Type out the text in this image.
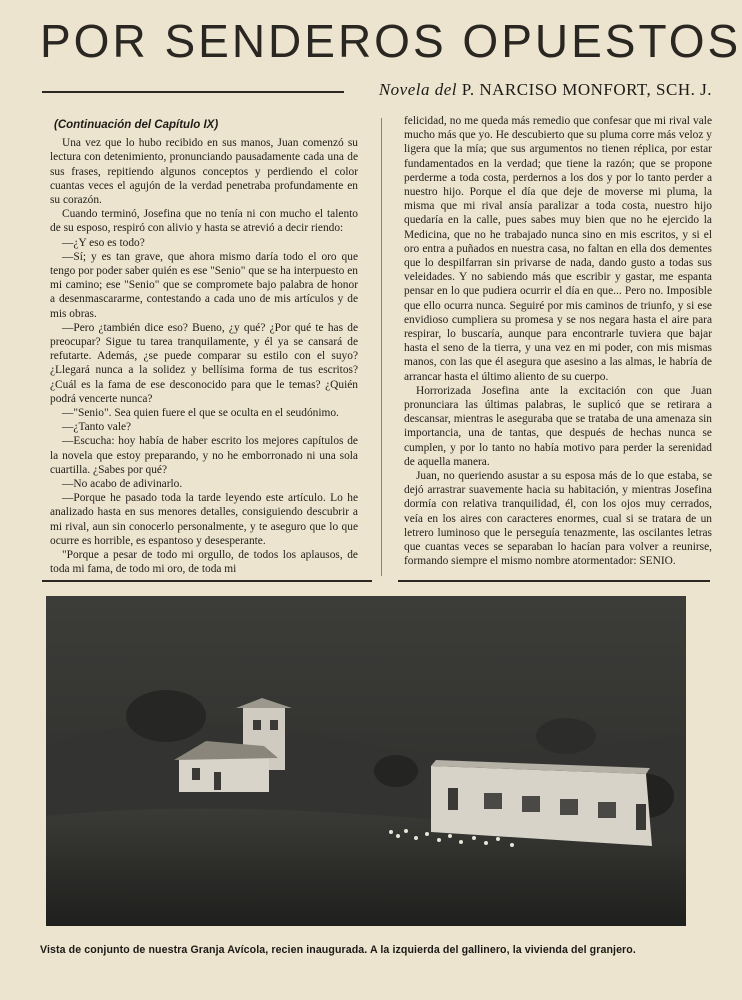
POR SENDEROS OPUESTOS
Novela del P. NARCISO MONFORT, SCH. J.
(Continuación del Capítulo IX)

Una vez que lo hubo recibido en sus manos, Juan comenzó su lectura con detenimiento, pronunciando pausadamente cada una de sus frases, repitiendo algunos conceptos y perdiendo el color cuantas veces el agujón de la verdad penetraba profundamente en su corazón.

Cuando terminó, Josefina que no tenía ni con mucho el talento de su esposo, respiró con alivio y hasta se atrevió a decir riendo:

—¿Y eso es todo?

—Sí; y es tan grave, que ahora mismo daría todo el oro que tengo por poder saber quién es ese "Senio" que se ha interpuesto en mi camino; ese "Senio" que se compromete bajo palabra de honor a desenmascararme, contestando a cada uno de mis artículos y de mis obras.

—Pero ¿también dice eso? Bueno, ¿y qué? ¿Por qué te has de preocupar? Sigue tu tarea tranquilamente, y él ya se cansará de refutarte. Además, ¿se puede comparar su estilo con el suyo? ¿Llegará nunca a la solidez y bellísima forma de tus escritos? ¿Cuál es la fama de ese desconocido para que le temas? ¿Quién podrá vencerte nunca?

—"Senio". Sea quien fuere el que se oculta en el seudónimo.

—¿Tanto vale?

—Escucha: hoy había de haber escrito los mejores capítulos de la novela que estoy preparando, y no he emborronado ni una sola cuartilla. ¿Sabes por qué?

—No acabo de adivinarlo.

—Porque he pasado toda la tarde leyendo este artículo. Lo he analizado hasta en sus menores detalles, consiguiendo descubrir a mi rival, aun sin conocerlo personalmente, y te aseguro que lo que ocurre es horrible, es espantoso y desesperante.

"Porque a pesar de todo mi orgullo, de todos los aplausos, de toda mi fama, de todo mi oro, de toda mi

felicidad, no me queda más remedio que confesar que mi rival vale mucho más que yo. He descubierto que su pluma corre más veloz y ligera que la mía; que sus argumentos no tienen réplica, por estar fundamentados en la verdad; que tiene la razón; que se propone perderme a toda costa, perdernos a los dos y por lo tanto perder a nuestro hijo. Porque el día que deje de moverse mi pluma, la misma que mi rival ansía paralizar a toda costa, nuestro hijo quedaría en la calle, pues sabes muy bien que no he ejercido la Medicina, que no he trabajado nunca sino en mis escritos, y si el oro entra a puñados en nuestra casa, no faltan en ella dos dementes que lo despilfarran sin privarse de nada, dando gusto a todas sus veleidades. Y no sabiendo más que escribir y gastar, me espanta pensar en lo que pudiera ocurrir el día en que... Pero no. Imposible que ello ocurra nunca. Seguiré por mis caminos de triunfo, y si ese envidioso cumpliera su promesa y se nos negara hasta el aire para respirar, lo buscaría, aunque para encontrarle tuviera que bajar hasta el seno de la tierra, y una vez en mi poder, con mis mismas manos, con las que él asegura que asesino a las almas, le habría de arrancar hasta el último aliento de su cuerpo.

Horrorizada Josefina ante la excitación con que Juan pronunciara las últimas palabras, le suplicó que se retirara a descansar, mientras le aseguraba que se trataba de una amenaza sin importancia, una de tantas, que después de hechas nunca se cumplen, y por lo tanto no había motivo para perder la serenidad de aquella manera.

Juan, no queriendo asustar a su esposa más de lo que estaba, se dejó arrastrar suavemente hacia su habitación, y mientras Josefina dormía con relativa tranquilidad, él, con los ojos muy cerrados, veía en los aires con caracteres enormes, cual si se tratara de un letrero luminoso que le perseguía tenazmente, las oscilantes letras que cuantas veces se separaban lo hacían para volver a reunirse, formando siempre el mismo nombre atormentador: SENIO.

Vista de conjunto de nuestra Granja Avícola, recien inaugurada. A la izquierda del gallinero, la vivienda del granjero.
